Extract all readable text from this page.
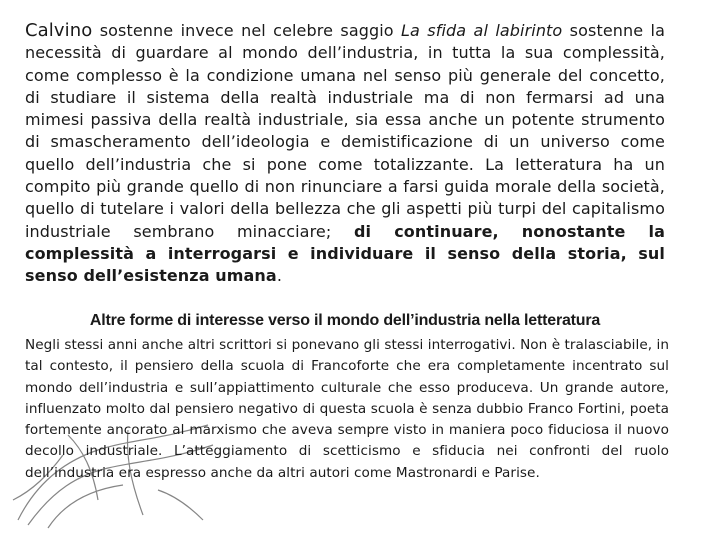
Calvino sostenne invece nel celebre saggio La sfida al labirinto sostenne la necessità di guardare al mondo dell’industria, in tutta la sua complessità, come complesso è la condizione umana nel senso più generale del concetto, di studiare il sistema della realtà industriale ma di non fermarsi ad una mimesi passiva della realtà industriale, sia essa anche un potente strumento di smascheramento dell’ideologia e demistificazione di un universo come quello dell’industria che si pone come totalizzante. La letteratura ha un compito più grande quello di non rinunciare a farsi guida morale della società, quello di tutelare i valori della bellezza che gli aspetti più turpi del capitalismo industriale sembrano minacciare; di continuare, nonostante la complessità a interrogarsi e individuare il senso della storia, sul senso dell’esistenza umana.

Altre forme di interesse verso il mondo dell’industria nella letteratura

Negli stessi anni anche altri scrittori si ponevano gli stessi interrogativi. Non è tralasciabile, in tal contesto, il pensiero della scuola di Francoforte che era completamente incentrato sul mondo dell’industria e sull’appiattimento culturale che esso produceva. Un grande autore, influenzato molto dal pensiero negativo di questa scuola è senza dubbio Franco Fortini, poeta fortemente ancorato al marxismo che aveva sempre visto in maniera poco fiduciosa il nuovo decollo industriale. L’atteggiamento di scetticismo e sfiducia nei confronti del ruolo dell’industria era espresso anche da altri autori come Mastronardi e Parise.
